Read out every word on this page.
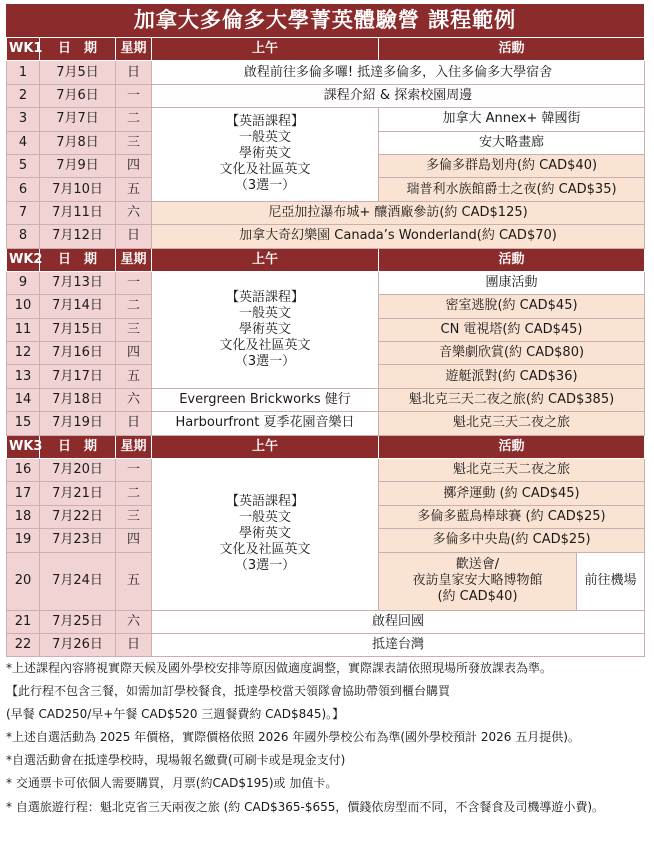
加拿大多倫多大學菁英體驗營 課程範例
WK1	日　期	星期	上午	活動	
1	7月5日	日	啟程前往多倫多囉! 抵達多倫多，入住多倫多大學宿舍		
2	7月6日	一	課程介紹 & 探索校園周邊		
3	7月7日	二	【英語課程】
一般英文
學術英文
文化及社區英文
（3選一）	加拿大 Annex+ 韓國街	
4	7月8日	三		安大略畫廊	
5	7月9日	四		多倫多群島划舟(約 CAD$40)	
6	7月10日	五		瑞普利水族館爵士之夜(約 CAD$35)	
7	7月11日	六	尼亞加拉瀑布城+ 釀酒廠參訪(約 CAD$125)		
8	7月12日	日	加拿大奇幻樂園 Canada’s Wonderland(約 CAD$70)		
WK2	日　期	星期	上午	活動	
9	7月13日	一	【英語課程】
一般英文
學術英文
文化及社區英文
（3選一）	團康活動	
10	7月14日	二		密室逃脫(約 CAD$45)	
11	7月15日	三		CN 電視塔(約 CAD$45)	
12	7月16日	四		音樂劇欣賞(約 CAD$80)	
13	7月17日	五		遊艇派對(約 CAD$36)	
14	7月18日	六	Evergreen Brickworks 健行	魁北克三天二夜之旅(約 CAD$385)	
15	7月19日	日	Harbourfront 夏季花園音樂日	魁北克三天二夜之旅	
WK3	日　期	星期	上午	活動	
16	7月20日	一	【英語課程】
一般英文
學術英文
文化及社區英文
（3選一）	魁北克三天二夜之旅	
17	7月21日	二		擲斧運動 (約 CAD$45)	
18	7月22日	三		多倫多藍鳥棒球賽 (約 CAD$25)	
19	7月23日	四		多倫多中央島(約 CAD$25)	
20	7月24日	五		歡送會/
夜訪皇家安大略博物館
(約 CAD$40)	前往機場
21	7月25日	六	啟程回國		
22	7月26日	日	抵達台灣		
*上述課程內容將視實際天候及國外學校安排等原因做適度調整，實際課表請依照現場所發放課表為準。
【此行程不包含三餐，如需加訂學校餐食，抵達學校當天領隊會協助帶領到櫃台購買
(早餐 CAD250/早+午餐 CAD$520 三週餐費約 CAD$845)。】
*上述自選活動為 2025 年價格，實際價格依照 2026 年國外學校公布為準(國外學校預計 2026 五月提供)。
*自選活動會在抵達學校時，現場報名繳費(可刷卡或是現金支付)
* 交通票卡可依個人需要購買，月票(約CAD$195)或 加值卡。
* 自選旅遊行程：魁北克省三天兩夜之旅 (約 CAD$365-$655，價錢依房型而不同，不含餐食及司機導遊小費)。
